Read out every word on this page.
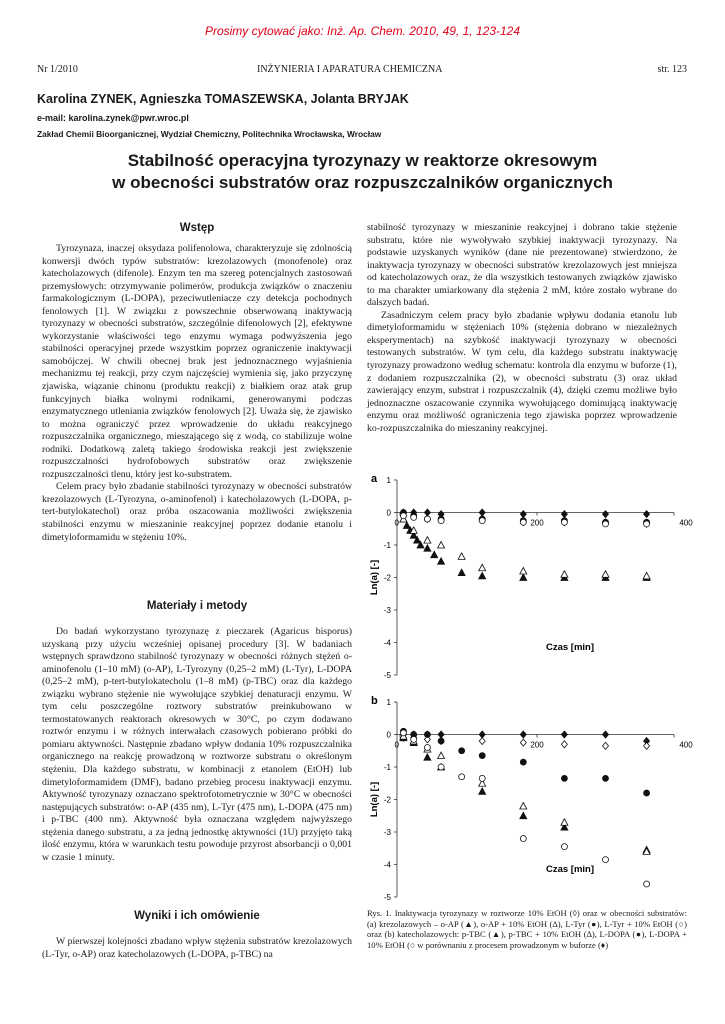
Prosimy cytować jako: Inż. Ap. Chem. 2010, 49, 1, 123-124
Nr 1/2010	INŻYNIERIA I APARATURA CHEMICZNA	str. 123
Karolina ZYNEK, Agnieszka TOMASZEWSKA, Jolanta BRYJAK
e-mail: karolina.zynek@pwr.wroc.pl
Zakład Chemii Bioorganicznej, Wydział Chemiczny, Politechnika Wrocławska, Wrocław
Stabilność operacyjna tyrozynazy w reaktorze okresowym
w obecności substratów oraz rozpuszczalników organicznych
Wstęp

Tyrozynaza, inaczej oksydaza polifenolowa, charakteryzuje się zdolnością konwersji dwóch typów substratów: krezolazowych (monofenole) oraz katecholazowych (difenole). Enzym ten ma szereg potencjalnych zastosowań przemysłowych: otrzymywanie polimerów, produkcja związków o znaczeniu farmakologicznym (L-DOPA), przeciwutleniacze czy detekcja pochodnych fenolowych [1]. W związku z powszechnie obserwowaną inaktywacją tyrozynazy w obecności substratów, szczególnie difenolowych [2], efektywne wykorzystanie właściwości tego enzymu wymaga podwyższenia jego stabilności operacyjnej przede wszystkim poprzez ograniczenie inaktywacji samobójczej. W chwili obecnej brak jest jednoznacznego wyjaśnienia mechanizmu tej reakcji, przy czym najczęściej wymienia się, jako przyczynę zjawiska, wiązanie chinonu (produktu reakcji) z białkiem oraz atak grup funkcyjnych białka wolnymi rodnikami, generowanymi podczas enzymatycznego utleniania związków fenolowych [2]. Uważa się, że zjawisko to można ograniczyć przez wprowadzenie do układu reakcyjnego rozpuszczalnika organicznego, mieszającego się z wodą, co stabilizuje wolne rodniki. Dodatkową zaletą takiego środowiska reakcji jest zwiększenie rozpuszczalności hydrofobowych substratów oraz zwiększenie rozpuszczalności tlenu, który jest ko-substratem.

Celem pracy było zbadanie stabilności tyrozynazy w obecności substratów krezolazowych (L-Tyrozyna, o-aminofenol) i katecholazowych (L-DOPA, p-tert-butylokatechol) oraz próba oszacowania możliwości zwiększenia stabilności enzymu w mieszaninie reakcyjnej poprzez dodanie etanolu i dimetyloformamidu w stężeniu 10%.

Materiały i metody

Do badań wykorzystano tyrozynazę z pieczarek (Agaricus bisporus) uzyskaną przy użyciu wcześniej opisanej procedury [3]. W badaniach wstępnych sprawdzono stabilność tyrozynazy w obecności różnych stężeń o-aminofenolu (1–10 mM) (o-AP), L-Tyrozyny (0,25–2 mM) (L-Tyr), L-DOPA (0,25–2 mM), p-tert-butylokatecholu (1–8 mM) (p-TBC) oraz dla każdego związku wybrano stężenie nie wywołujące szybkiej denaturacji enzymu. W tym celu poszczególne roztwory substratów preinkubowano w termostatowanych reaktorach okresowych w 30°C, po czym dodawano roztwór enzymu i w różnych interwałach czasowych pobierano próbki do pomiaru aktywności. Następnie zbadano wpływ dodania 10% rozpuszczalnika organicznego na reakcję prowadzoną w roztworze substratu o określonym stężeniu. Dla każdego substratu, w kombinacji z etanolem (EtOH) lub dimetyloformamidem (DMF), badano przebieg procesu inaktywacji enzymu. Aktywność tyrozynazy oznaczano spektrofotometrycznie w 30°C w obecności następujących substratów: o-AP (435 nm), L-Tyr (475 nm), L-DOPA (475 nm) i p-TBC (400 nm). Aktywność była oznaczana względem najwyższego stężenia danego substratu, a za jedną jednostkę aktywności (1U) przyjęto taką ilość enzymu, która w warunkach testu powoduje przyrost absorbancji o 0,001 w czasie 1 minuty.

Wyniki i ich omówienie

W pierwszej kolejności zbadano wpływ stężenia substratów krezolazowych (L-Tyr, o-AP) oraz katecholazowych (L-DOPA, p-TBC) na

stabilność tyrozynazy w mieszaninie reakcyjnej i dobrano takie stężenie substratu, które nie wywoływało szybkiej inaktywacji tyrozynazy. Na podstawie uzyskanych wyników (dane nie prezentowane) stwierdzono, że inaktywacja tyrozynazy w obecności substratów krezolazowych jest mniejsza od katecholazowych oraz, że dla wszystkich testowanych związków zjawisko to ma charakter umiarkowany dla stężenia 2 mM, które zostało wybrane do dalszych badań.

Zasadniczym celem pracy było zbadanie wpływu dodania etanolu lub dimetyloformamidu w stężeniach 10% (stężenia dobrano w niezależnych eksperymentach) na szybkość inaktywacji tyrozynazy w obecności testowanych substratów. W tym celu, dla każdego substratu inaktywację tyrozynazy prowadzono według schematu: kontrola dla enzymu w buforze (1), z dodaniem rozpuszczalnika (2), w obecności substratu (3) oraz układ zawierający enzym, substrat i rozpuszczalnik (4), dzięki czemu możliwe było jednoznaczne oszacowanie czynnika wywołującego dominującą inaktywację enzymu oraz możliwość ograniczenia tego zjawiska poprzez wprowadzenie ko-rozpuszczalnika do mieszaniny reakcyjnej.

a 1
0
-1
-2
-3
-4
-5
0	200	400
Czas [min]
Ln(a) [-]
b 1
0
-1
-2
-3
-4
-5
0	200	400
Czas [min]
Ln(a) [-]
Rys. 1. Inaktywacja tyrozynazy w roztworze 10% EtOH (◊) oraz w obecności substratów: (a) krezolazowych – o-AP (▲), o-AP + 10% EtOH (∆), L-Tyr (●), L-Tyr + 10% EtOH (○) oraz (b) katecholazowych: p-TBC (▲), p-TBC + 10% EtOH (∆), L-DOPA (●), L-DOPA + 10% EtOH (○ w porównaniu z procesem prowadzonym w buforze (♦)
